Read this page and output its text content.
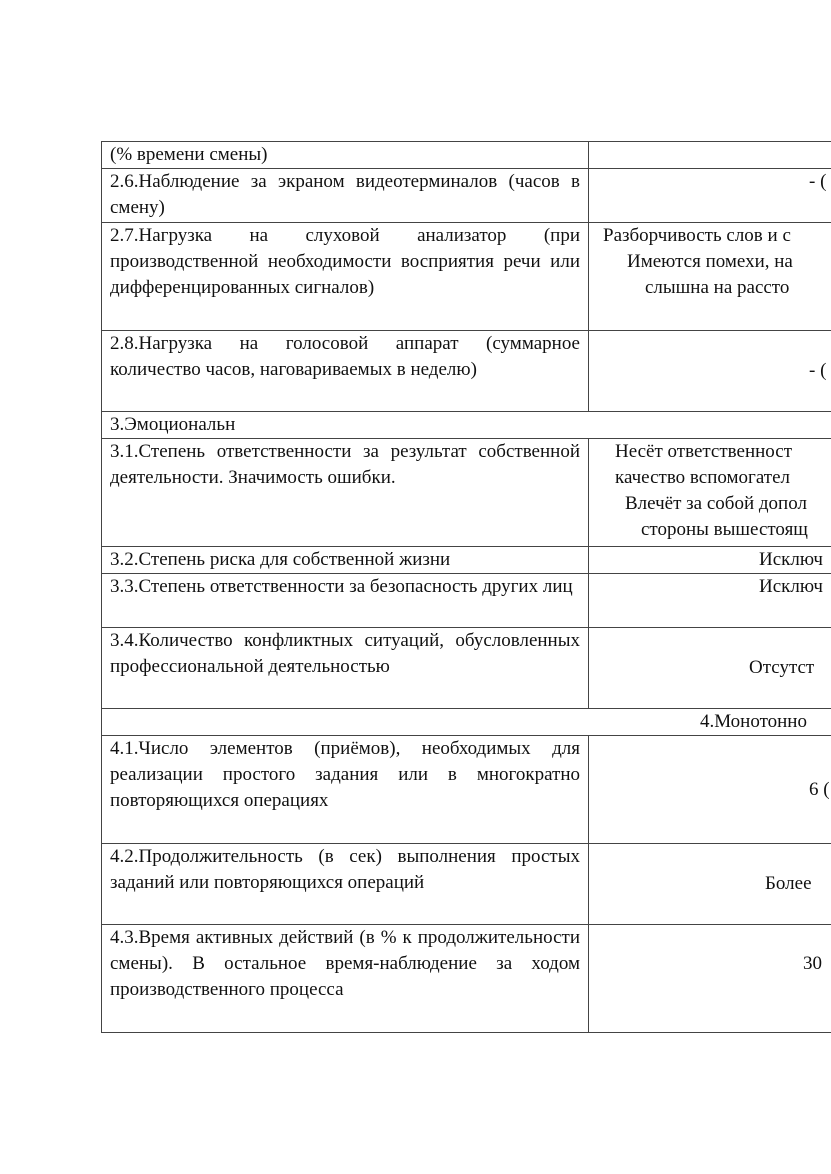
(% времени смены)	
2.6.Наблюдение за экраном видеотерминалов (часов в смену)	- (
2.7.Нагрузка на слуховой анализатор (при производственной необходимости восприятия речи или дифференцированных сигналов)	Разборчивость слов и с
Имеются помехи, на
слышна на рассто

2.8.Нагрузка на голосовой аппарат (суммарное количество часов, наговариваемых в неделю)	- (
3.Эмоциональн	
3.1.Степень ответственности за результат собственной деятельности. Значимость ошибки.	Несёт ответственност
качество вспомогател
Влечёт за собой допол
стороны вышестоящ

3.2.Степень риска для собственной жизни	Исключ
3.3.Степень ответственности за безопасность других лиц	Исключ
3.4.Количество конфликтных ситуаций, обусловленных профессиональной деятельностью	Отсутст
4.Монотонно	
4.1.Число элементов (приёмов), необходимых для реализации простого задания или в многократно повторяющихся операциях	6 (
4.2.Продолжительность (в сек) выполнения простых заданий или повторяющихся операций	Более
4.3.Время активных действий (в % к продолжительности смены). В остальное время-наблюдение за ходом производственного процесса	30
